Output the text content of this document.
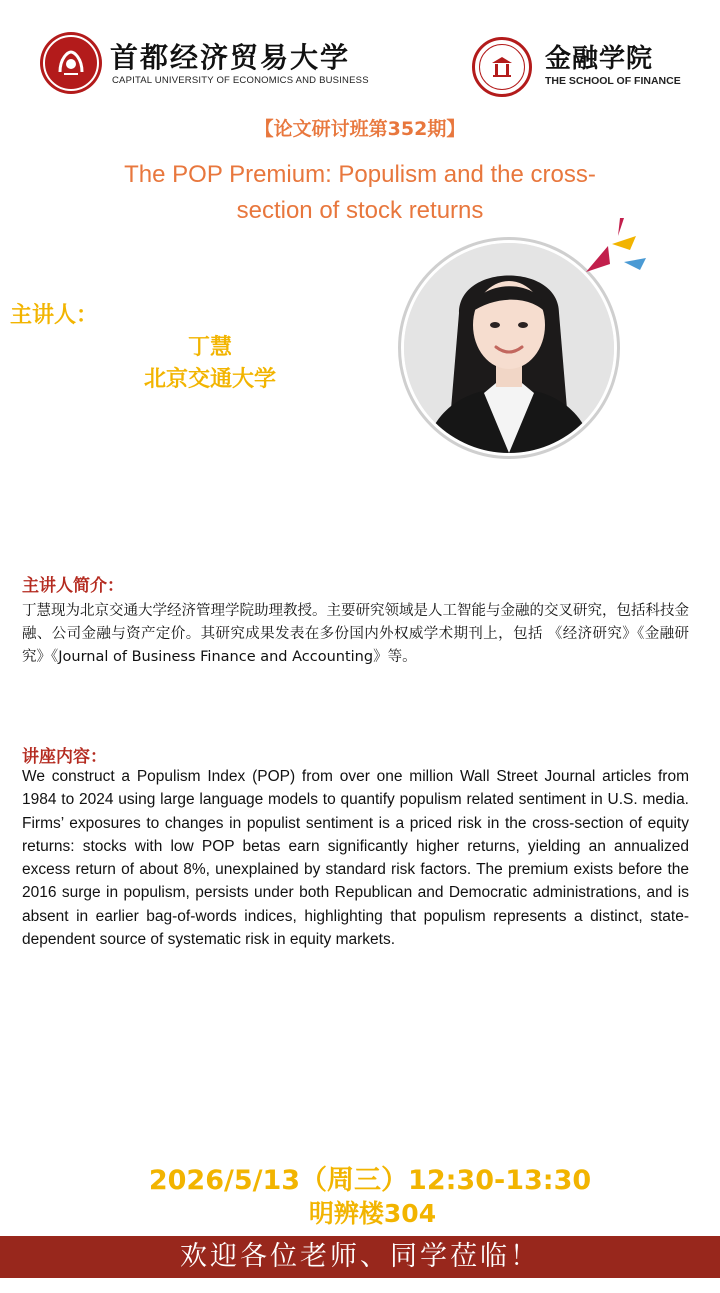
首都经济贸易大学
CAPITAL UNIVERSITY OF ECONOMICS AND BUSINESS
金融学院
THE SCHOOL OF FINANCE
【论文研讨班第352期】
The POP Premium: Populism and the cross-section of stock returns
主讲人：
丁慧
北京交通大学
主讲人简介：
丁慧现为北京交通大学经济管理学院助理教授。主要研究领域是人工智能与金融的交叉研究，包括科技金融、公司金融与资产定价。其研究成果发表在多份国内外权威学术期刊上，包括 《经济研究》《金融研究》《Journal of Business Finance and Accounting》等。
讲座内容：
We construct a Populism Index (POP) from over one million Wall Street Journal articles from 1984 to 2024 using large language models to quantify populism related sentiment in U.S. media. Firms’ exposures to changes in populist sentiment is a priced risk in the cross-section of equity returns: stocks with low POP betas earn significantly higher returns, yielding an annualized excess return of about 8%, unexplained by standard risk factors. The premium exists before the 2016 surge in populism, persists under both Republican and Democratic administrations, and is absent in earlier bag-of-words indices, highlighting that populism represents a distinct, state-dependent source of systematic risk in equity markets.
2026/5/13（周三）12:30-13:30
明辨楼304
欢迎各位老师、同学莅临！
